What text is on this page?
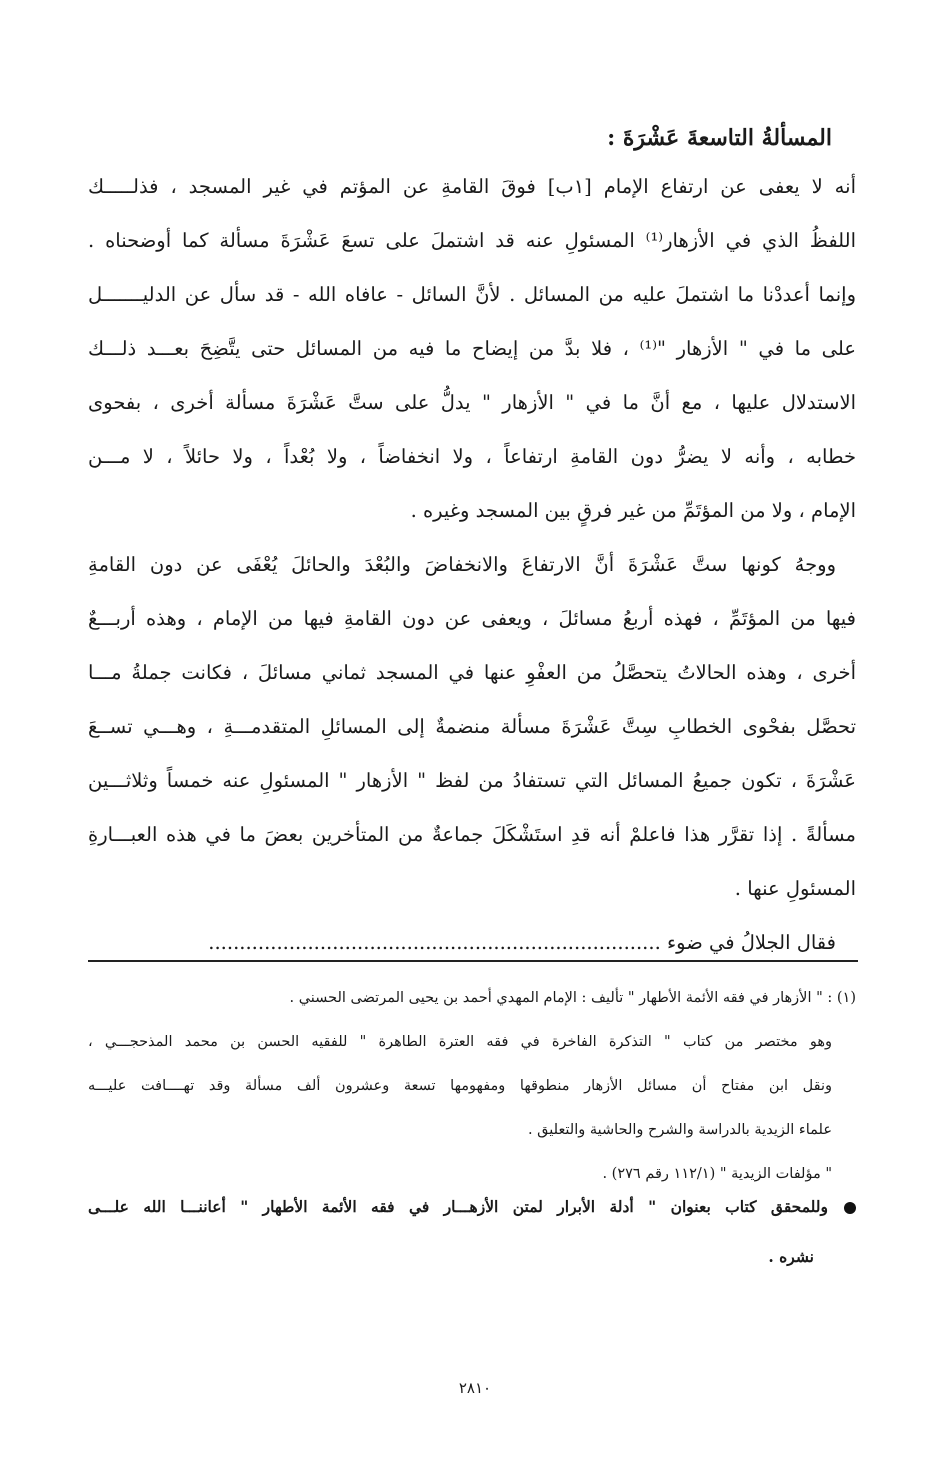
المسألةُ التاسعةَ عَشْرَةَ :
أنه لا يعفى عن ارتفاع الإمام [١ب] فوقَ القامةِ عن المؤتم في غير المسجد ، فذلـــــك
اللفظُ الذي في الأزهار⁽¹⁾ المسئولِ عنه قد اشتملَ على تسعَ عَشْرَةَ مسألة كما أوضحناه .
وإنما أعددْنا ما اشتملَ عليه من المسائل . لأنَّ السائل - عافاه الله - قد سأل عن الدليـــــــل
على ما في " الأزهار "⁽¹⁾ ، فلا بدَّ من إيضاح ما فيه من المسائل حتى يتَّضِحَ بعـــد ذلـــك
الاستدلال عليها ، مع أنَّ ما في " الأزهار " يدلُّ على ستَّ عَشْرَةَ مسألة أخرى ، بفحوى
خطابه ، وأنه لا يضرُّ دون القامةِ ارتفاعاً ، ولا انخفاضاً ، ولا بُعْداً ، ولا حائلاً ، لا مـــن
الإمام ، ولا من المؤتَمِّ من غير فرقٍ بين المسجد وغيره .
ووجهُ كونها ستَّ عَشْرَةَ أنَّ الارتفاعَ والانخفاضَ والبُعْدَ والحائلَ يُعْفَى عن دون القامةِ
فيها من المؤتَمِّ ، فهذه أربعُ مسائلَ ، ويعفى عن دون القامةِ فيها من الإمام ، وهذه أربـــعٌ
أخرى ، وهذه الحالاتُ يتحصَّلُ من العفْوِ عنها في المسجد ثماني مسائلَ ، فكانت جملةُ مـــا
تحصَّل بفحْوى الخطابِ سِتَّ عَشْرَةَ مسألة منضمةٌ إلى المسائلِ المتقدمـــةِ ، وهـــي تســعَ
عَشْرَةَ ، تكون جميعُ المسائل التي تستفادُ من لفظ " الأزهار " المسئولِ عنه خمساً وثلاثـــين
مسألةً . إذا تقرَّر هذا فاعلمْ أنه قدِ استَشْكَلَ جماعةٌ من المتأخرين بعضَ ما في هذه العبـــارةِ
المسئولِ عنها .
فقال الجلالُ في ضوء .........................................................................
(١) : " الأزهار في فقه الأئمة الأطهار " تأليف : الإمام المهدي أحمد بن يحيى المرتضى الحسني .
وهو مختصر من كتاب " التذكرة الفاخرة في فقه العترة الطاهرة " للفقيه الحسن بن محمد المذحجـــي ،
ونقل ابن مفتاح أن مسائل الأزهار منطوقها ومفهومها تسعة وعشرون ألف مسألة وقد تهــــافت عليـــه
علماء الزيدية بالدراسة والشرح والحاشية والتعليق .
" مؤلفات الزيدية " (١١٢/١ رقم ٢٧٦) .
وللمحقق كتاب بعنوان " أدلة الأبرار لمتن الأزهـــار في فقه الأئمة الأطهار " أعاننـــا الله علـــى
نشره .
٢٨١٠
